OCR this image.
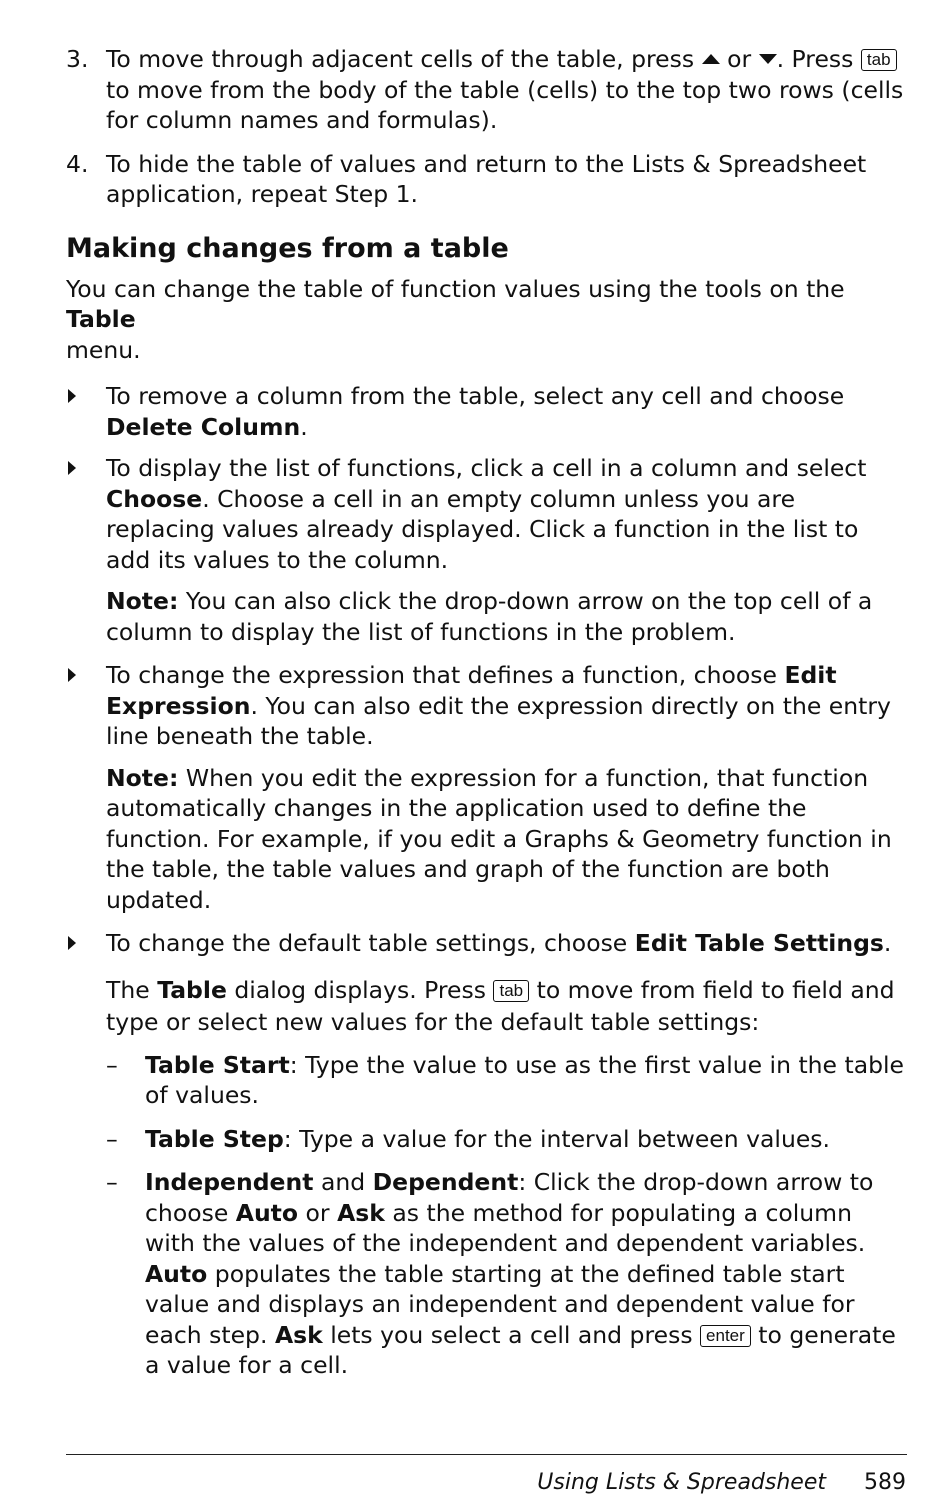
3. To move through adjacent cells of the table, press or . Press tab
to move from the body of the table (cells) to the top two rows (cells for column names and formulas).

4. To hide the table of values and return to the Lists & Spreadsheet application, repeat Step 1.

Making changes from a table

You can change the table of function values using the tools on the Table
menu.

To remove a column from the table, select any cell and choose Delete Column.

To display the list of functions, click a cell in a column and select Choose. Choose a cell in an empty column unless you are replacing values already displayed. Click a function in the list to add its values to the column.

Note: You can also click the drop-down arrow on the top cell of a column to display the list of functions in the problem.

To change the expression that defines a function, choose Edit Expression. You can also edit the expression directly on the entry line beneath the table.

Note: When you edit the expression for a function, that function automatically changes in the application used to define the function. For example, if you edit a Graphs & Geometry function in the table, the table values and graph of the function are both updated.

To change the default table settings, choose Edit Table Settings.

The Table dialog displays. Press tab to move from field to field and type or select new values for the default table settings:

– Table Start: Type the value to use as the first value in the table of values.

– Table Step: Type a value for the interval between values.

– Independent and Dependent: Click the drop-down arrow to choose Auto or Ask as the method for populating a column with the values of the independent and dependent variables. Auto populates the table starting at the defined table start value and displays an independent and dependent value for each step. Ask lets you select a cell and press enter to generate a value for a cell.

Using Lists & Spreadsheet 589
